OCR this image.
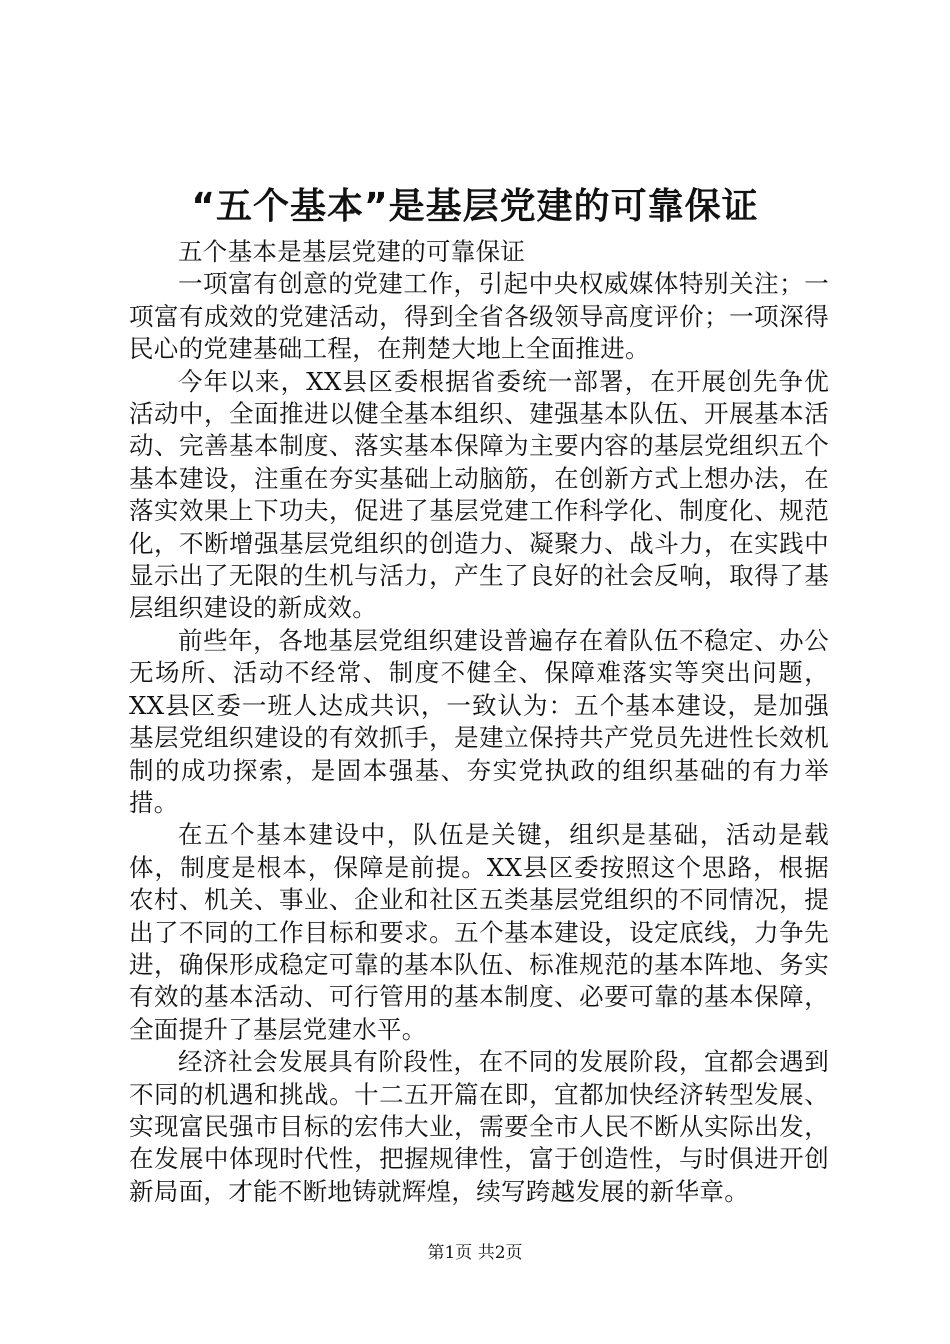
“五个基本”是基层党建的可靠保证

五个基本是基层党建的可靠保证

一项富有创意的党建工作，引起中央权威媒体特别关注；一项富有成效的党建活动，得到全省各级领导高度评价；一项深得民心的党建基础工程，在荆楚大地上全面推进。

今年以来，XX县区委根据省委统一部署，在开展创先争优活动中，全面推进以健全基本组织、建强基本队伍、开展基本活动、完善基本制度、落实基本保障为主要内容的基层党组织五个基本建设，注重在夯实基础上动脑筋，在创新方式上想办法，在落实效果上下功夫，促进了基层党建工作科学化、制度化、规范化，不断增强基层党组织的创造力、凝聚力、战斗力，在实践中显示出了无限的生机与活力，产生了良好的社会反响，取得了基层组织建设的新成效。

前些年，各地基层党组织建设普遍存在着队伍不稳定、办公无场所、活动不经常、制度不健全、保障难落实等突出问题，XX县区委一班人达成共识，一致认为：五个基本建设，是加强基层党组织建设的有效抓手，是建立保持共产党员先进性长效机制的成功探索，是固本强基、夯实党执政的组织基础的有力举措。

在五个基本建设中，队伍是关键，组织是基础，活动是载体，制度是根本，保障是前提。XX县区委按照这个思路，根据农村、机关、事业、企业和社区五类基层党组织的不同情况，提出了不同的工作目标和要求。五个基本建设，设定底线，力争先进，确保形成稳定可靠的基本队伍、标准规范的基本阵地、务实有效的基本活动、可行管用的基本制度、必要可靠的基本保障，全面提升了基层党建水平。

经济社会发展具有阶段性，在不同的发展阶段，宜都会遇到不同的机遇和挑战。十二五开篇在即，宜都加快经济转型发展、实现富民强市目标的宏伟大业，需要全市人民不断从实际出发，在发展中体现时代性，把握规律性，富于创造性，与时俱进开创新局面，才能不断地铸就辉煌，续写跨越发展的新华章。

第1页 共2页
